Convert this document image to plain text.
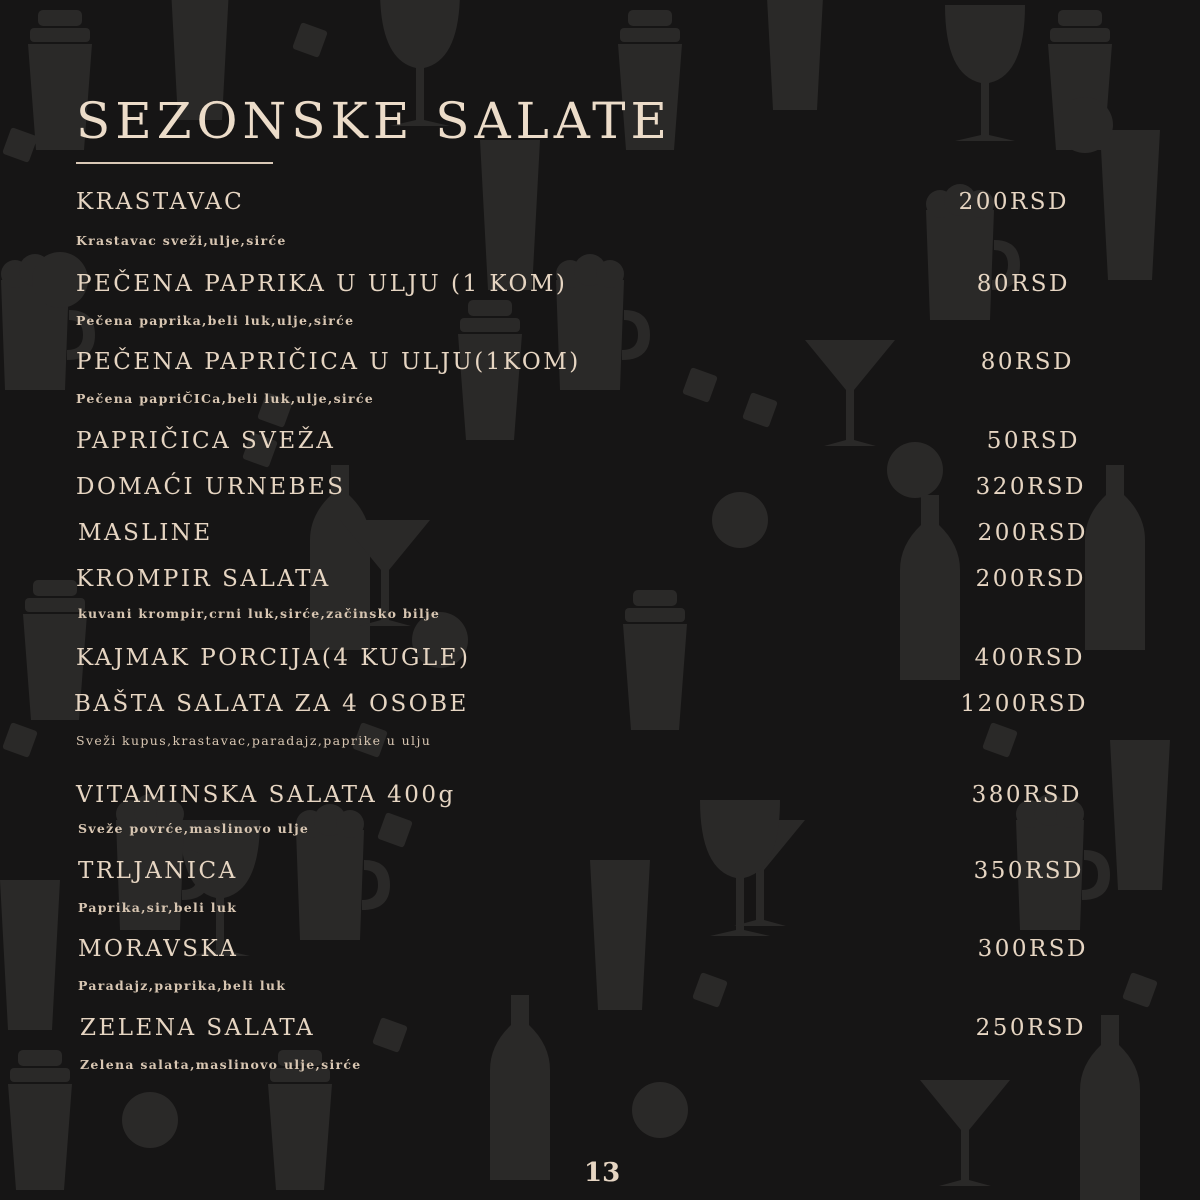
SEZONSKE SALATE
KRASTAVAC .....	200RSD
Krastavac sveži,ulje,sirće
PEČENA PAPRIKA U ULJU (1 KOM) .....	80RSD
Pečena paprika,beli luk,ulje,sirće
PEČENA PAPRIČICA U ULJU(1KOM) .....	80RSD
Pečena papriČICa,beli luk,ulje,sirće
PAPRIČICA SVEŽA .....	50RSD
DOMAĆI URNEBES .....	320RSD
MASLINE .....	200RSD
KROMPIR SALATA .....	200RSD
kuvani krompir,crni luk,sirće,začinsko bilje
KAJMAK PORCIJA(4 KUGLE) .....	400RSD
BAŠTA SALATA ZA 4 OSOBE .....	1200RSD
Sveži kupus,krastavac,paradajz,paprike u ulju
VITAMINSKA SALATA 400g .....	380RSD
Sveže povrće,maslinovo ulje
TRLJANICA .....	350RSD
Paprika,sir,beli luk
MORAVSKA .....	300RSD
Paradajz,paprika,beli luk
ZELENA SALATA .....	250RSD
Zelena salata,maslinovo ulje,sirće
13
